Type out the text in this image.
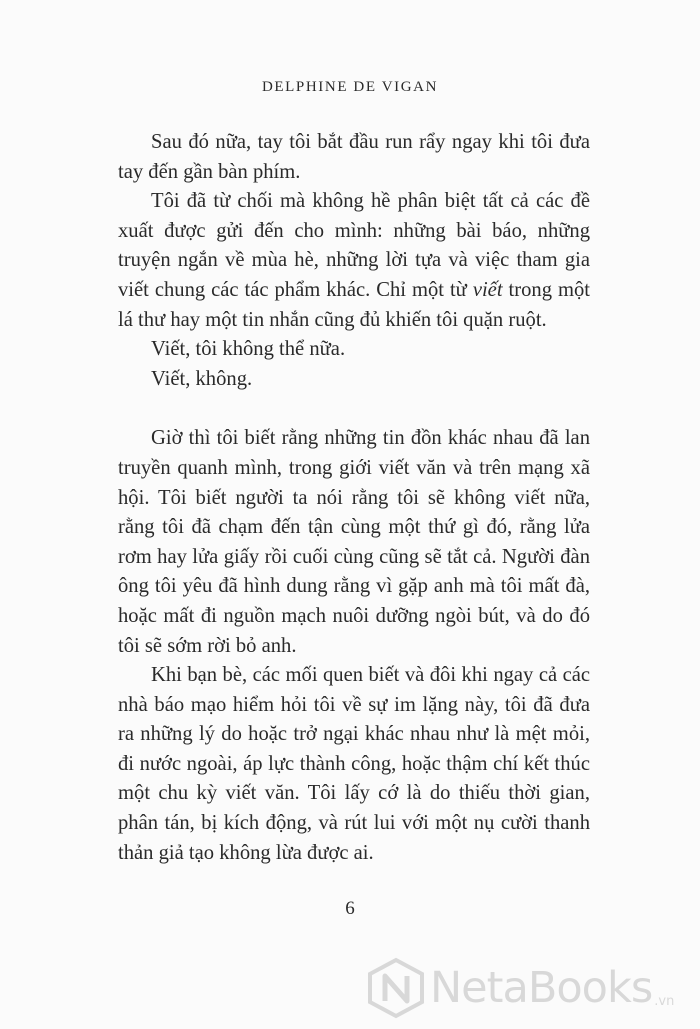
DELPHINE DE VIGAN

Sau đó nữa, tay tôi bắt đầu run rẩy ngay khi tôi đưa tay đến gần bàn phím.

Tôi đã từ chối mà không hề phân biệt tất cả các đề xuất được gửi đến cho mình: những bài báo, những truyện ngắn về mùa hè, những lời tựa và việc tham gia viết chung các tác phẩm khác. Chỉ một từ viết trong một lá thư hay một tin nhắn cũng đủ khiến tôi quặn ruột.

Viết, tôi không thể nữa.

Viết, không.

Giờ thì tôi biết rằng những tin đồn khác nhau đã lan truyền quanh mình, trong giới viết văn và trên mạng xã hội. Tôi biết người ta nói rằng tôi sẽ không viết nữa, rằng tôi đã chạm đến tận cùng một thứ gì đó, rằng lửa rơm hay lửa giấy rồi cuối cùng cũng sẽ tắt cả. Người đàn ông tôi yêu đã hình dung rằng vì gặp anh mà tôi mất đà, hoặc mất đi nguồn mạch nuôi dưỡng ngòi bút, và do đó tôi sẽ sớm rời bỏ anh.

Khi bạn bè, các mối quen biết và đôi khi ngay cả các nhà báo mạo hiểm hỏi tôi về sự im lặng này, tôi đã đưa ra những lý do hoặc trở ngại khác nhau như là mệt mỏi, đi nước ngoài, áp lực thành công, hoặc thậm chí kết thúc một chu kỳ viết văn. Tôi lấy cớ là do thiếu thời gian, phân tán, bị kích động, và rút lui với một nụ cười thanh thản giả tạo không lừa được ai.

6
NetaBooks .vn
